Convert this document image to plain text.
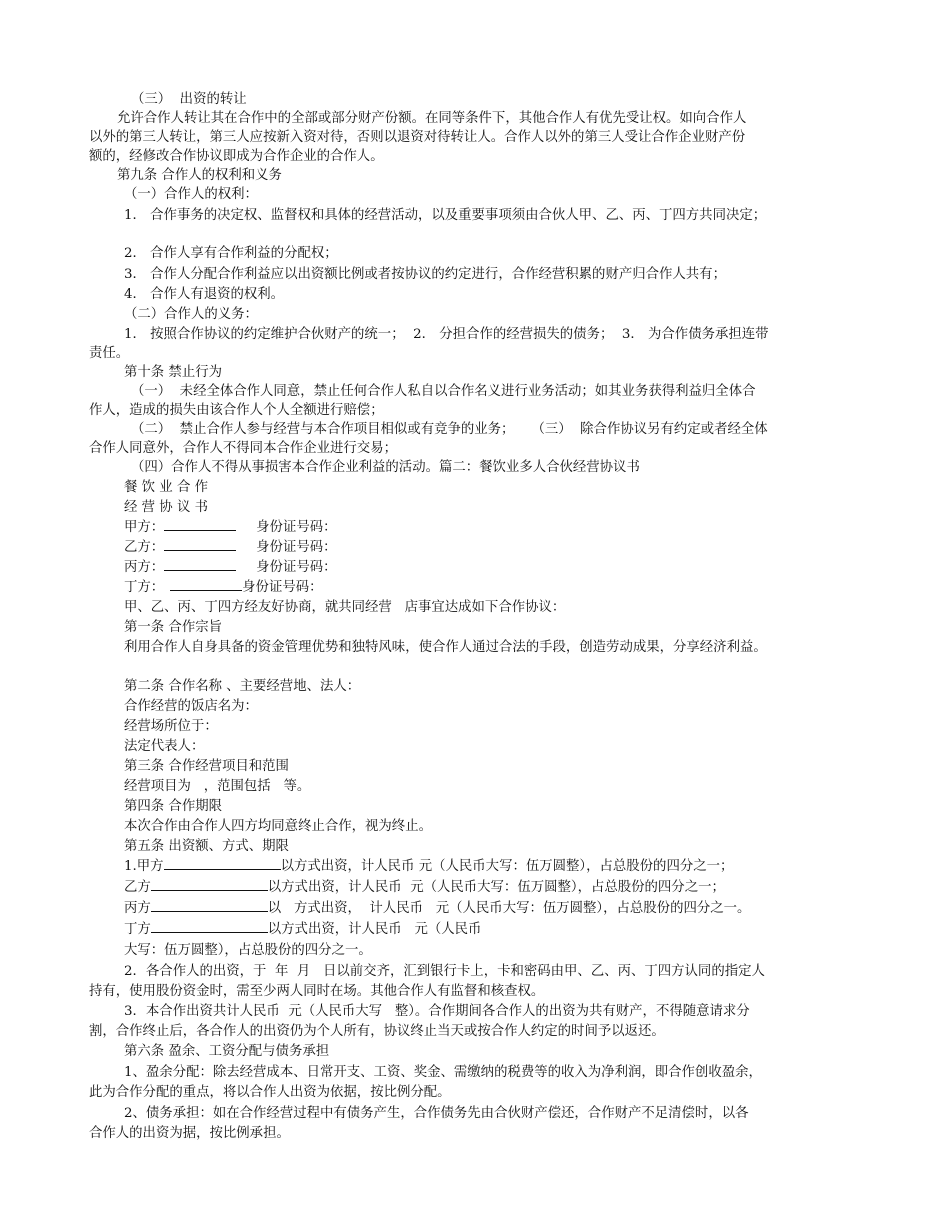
（三）  出资的转让
允许合作人转让其在合作中的全部或部分财产份额。在同等条件下，其他合作人有优先受让权。如向合作人
以外的第三人转让，第三人应按新入资对待，否则以退资对待转让人。合作人以外的第三人受让合作企业财产份
额的，经修改合作协议即成为合作企业的合作人。
第九条 合作人的权利和义务
（一）合作人的权利：
1． 合作事务的决定权、监督权和具体的经营活动，以及重要事项须由合伙人甲、乙、丙、丁四方共同决定；
2． 合作人享有合作利益的分配权；
3． 合作人分配合作利益应以出资额比例或者按协议的约定进行，合作经营积累的财产归合作人共有；
4． 合作人有退资的权利。
（二）合作人的义务：
1． 按照合作协议的约定维护合伙财产的统一；  2． 分担合作的经营损失的债务；  3． 为合作债务承担连带
责任。
第十条 禁止行为
（一）  未经全体合作人同意，禁止任何合作人私自以合作名义进行业务活动；如其业务获得利益归全体合
作人，造成的损失由该合作人个人全额进行赔偿；
（二）  禁止合作人参与经营与本合作项目相似或有竞争的业务；    （三）  除合作协议另有约定或者经全体
合作人同意外，合作人不得同本合作企业进行交易；
（四）合作人不得从事损害本合作企业利益的活动。篇二：餐饮业多人合伙经营协议书
餐 饮 业 合 作
经 营 协 议 书
甲方：	身份证号码：
乙方：	身份证号码：
丙方：	身份证号码：
丁方：	身份证号码：
甲、乙、丙、丁四方经友好协商，就共同经营   店事宜达成如下合作协议：
第一条 合作宗旨
利用合作人自身具备的资金管理优势和独特风味，使合作人通过合法的手段，创造劳动成果，分享经济利益。
第二条 合作名称 、主要经营地、法人：
合作经营的饭店名为：
经营场所位于：
法定代表人：
第三条 合作经营项目和范围
经营项目为   ，范围包括   等。
第四条 合作期限
本次合作由合作人四方均同意终止合作，视为终止。
第五条 出资额、方式、期限
1.甲方	以方式出资，计人民币 元（人民币大写：伍万圆整），占总股份的四分之一；
乙方	以方式出资，计人民币  元（人民币大写：伍万圆整），占总股份的四分之一；
丙方	以   方式出资，  计人民币   元（人民币大写：伍万圆整），占总股份的四分之一。
丁方	以方式出资，计人民币   元（人民币
大写：伍万圆整），占总股份的四分之一。
2．各合作人的出资，于  年  月   日以前交齐，汇到银行卡上，卡和密码由甲、乙、丙、丁四方认同的指定人
持有，使用股份资金时，需至少两人同时在场。其他合作人有监督和核查权。
3．本合作出资共计人民币  元（人民币大写   整）。合作期间各合作人的出资为共有财产，不得随意请求分
割，合作终止后，各合作人的出资仍为个人所有，协议终止当天或按合作人约定的时间予以返还。
第六条 盈余、工资分配与债务承担
1、盈余分配：除去经营成本、日常开支、工资、奖金、需缴纳的税费等的收入为净利润，即合作创收盈余，
此为合作分配的重点，将以合作人出资为依据，按比例分配。
2、债务承担：如在合作经营过程中有债务产生，合作债务先由合伙财产偿还，合作财产不足清偿时，以各
合作人的出资为据，按比例承担。
